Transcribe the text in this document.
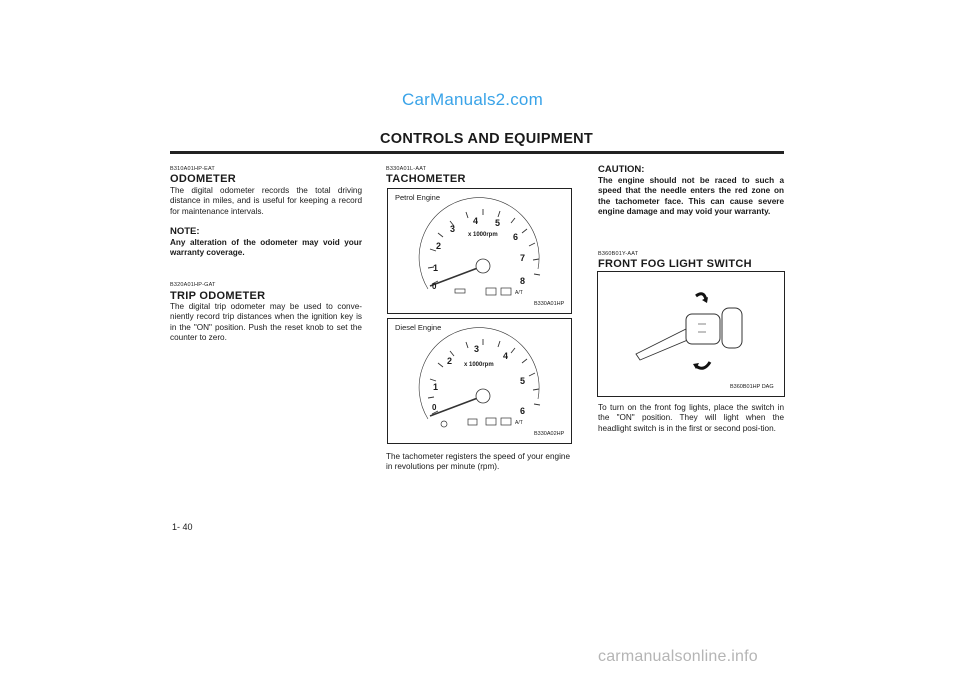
CarManuals2.com
CONTROLS AND EQUIPMENT
B310A01HP-EAT
ODOMETER
The digital odometer records the total driving distance in miles, and is useful for keeping a record for maintenance intervals.
NOTE:
Any alteration of the odometer may void your warranty coverage.
B320A01HP-GAT
TRIP ODOMETER
The digital trip odometer may be used to conve-niently record trip distances when the ignition key is in the "ON" position. Push the reset knob to set the counter to zero.
B330A01L-AAT
TACHOMETER
Petrol Engine
0
1
2
3
4 5
6
7
8
x 1000rpm
A/T
B330A01HP
Diesel Engine
0
1
2
3
4
5
6
x 1000rpm
A/T
B330A02HP
The tachometer registers the speed of your engine in revolutions per minute (rpm).
CAUTION:
The engine should not be raced to such a speed that the needle enters the red zone on the tachometer face. This can cause severe engine damage and may void your warranty.
B360B01Y-AAT
FRONT FOG LIGHT SWITCH
B360B01HP DAG
To turn on the front fog lights, place the switch in the "ON" position. They will light when the headlight switch is in the first or second posi-tion.
1- 40
carmanualsonline.info
